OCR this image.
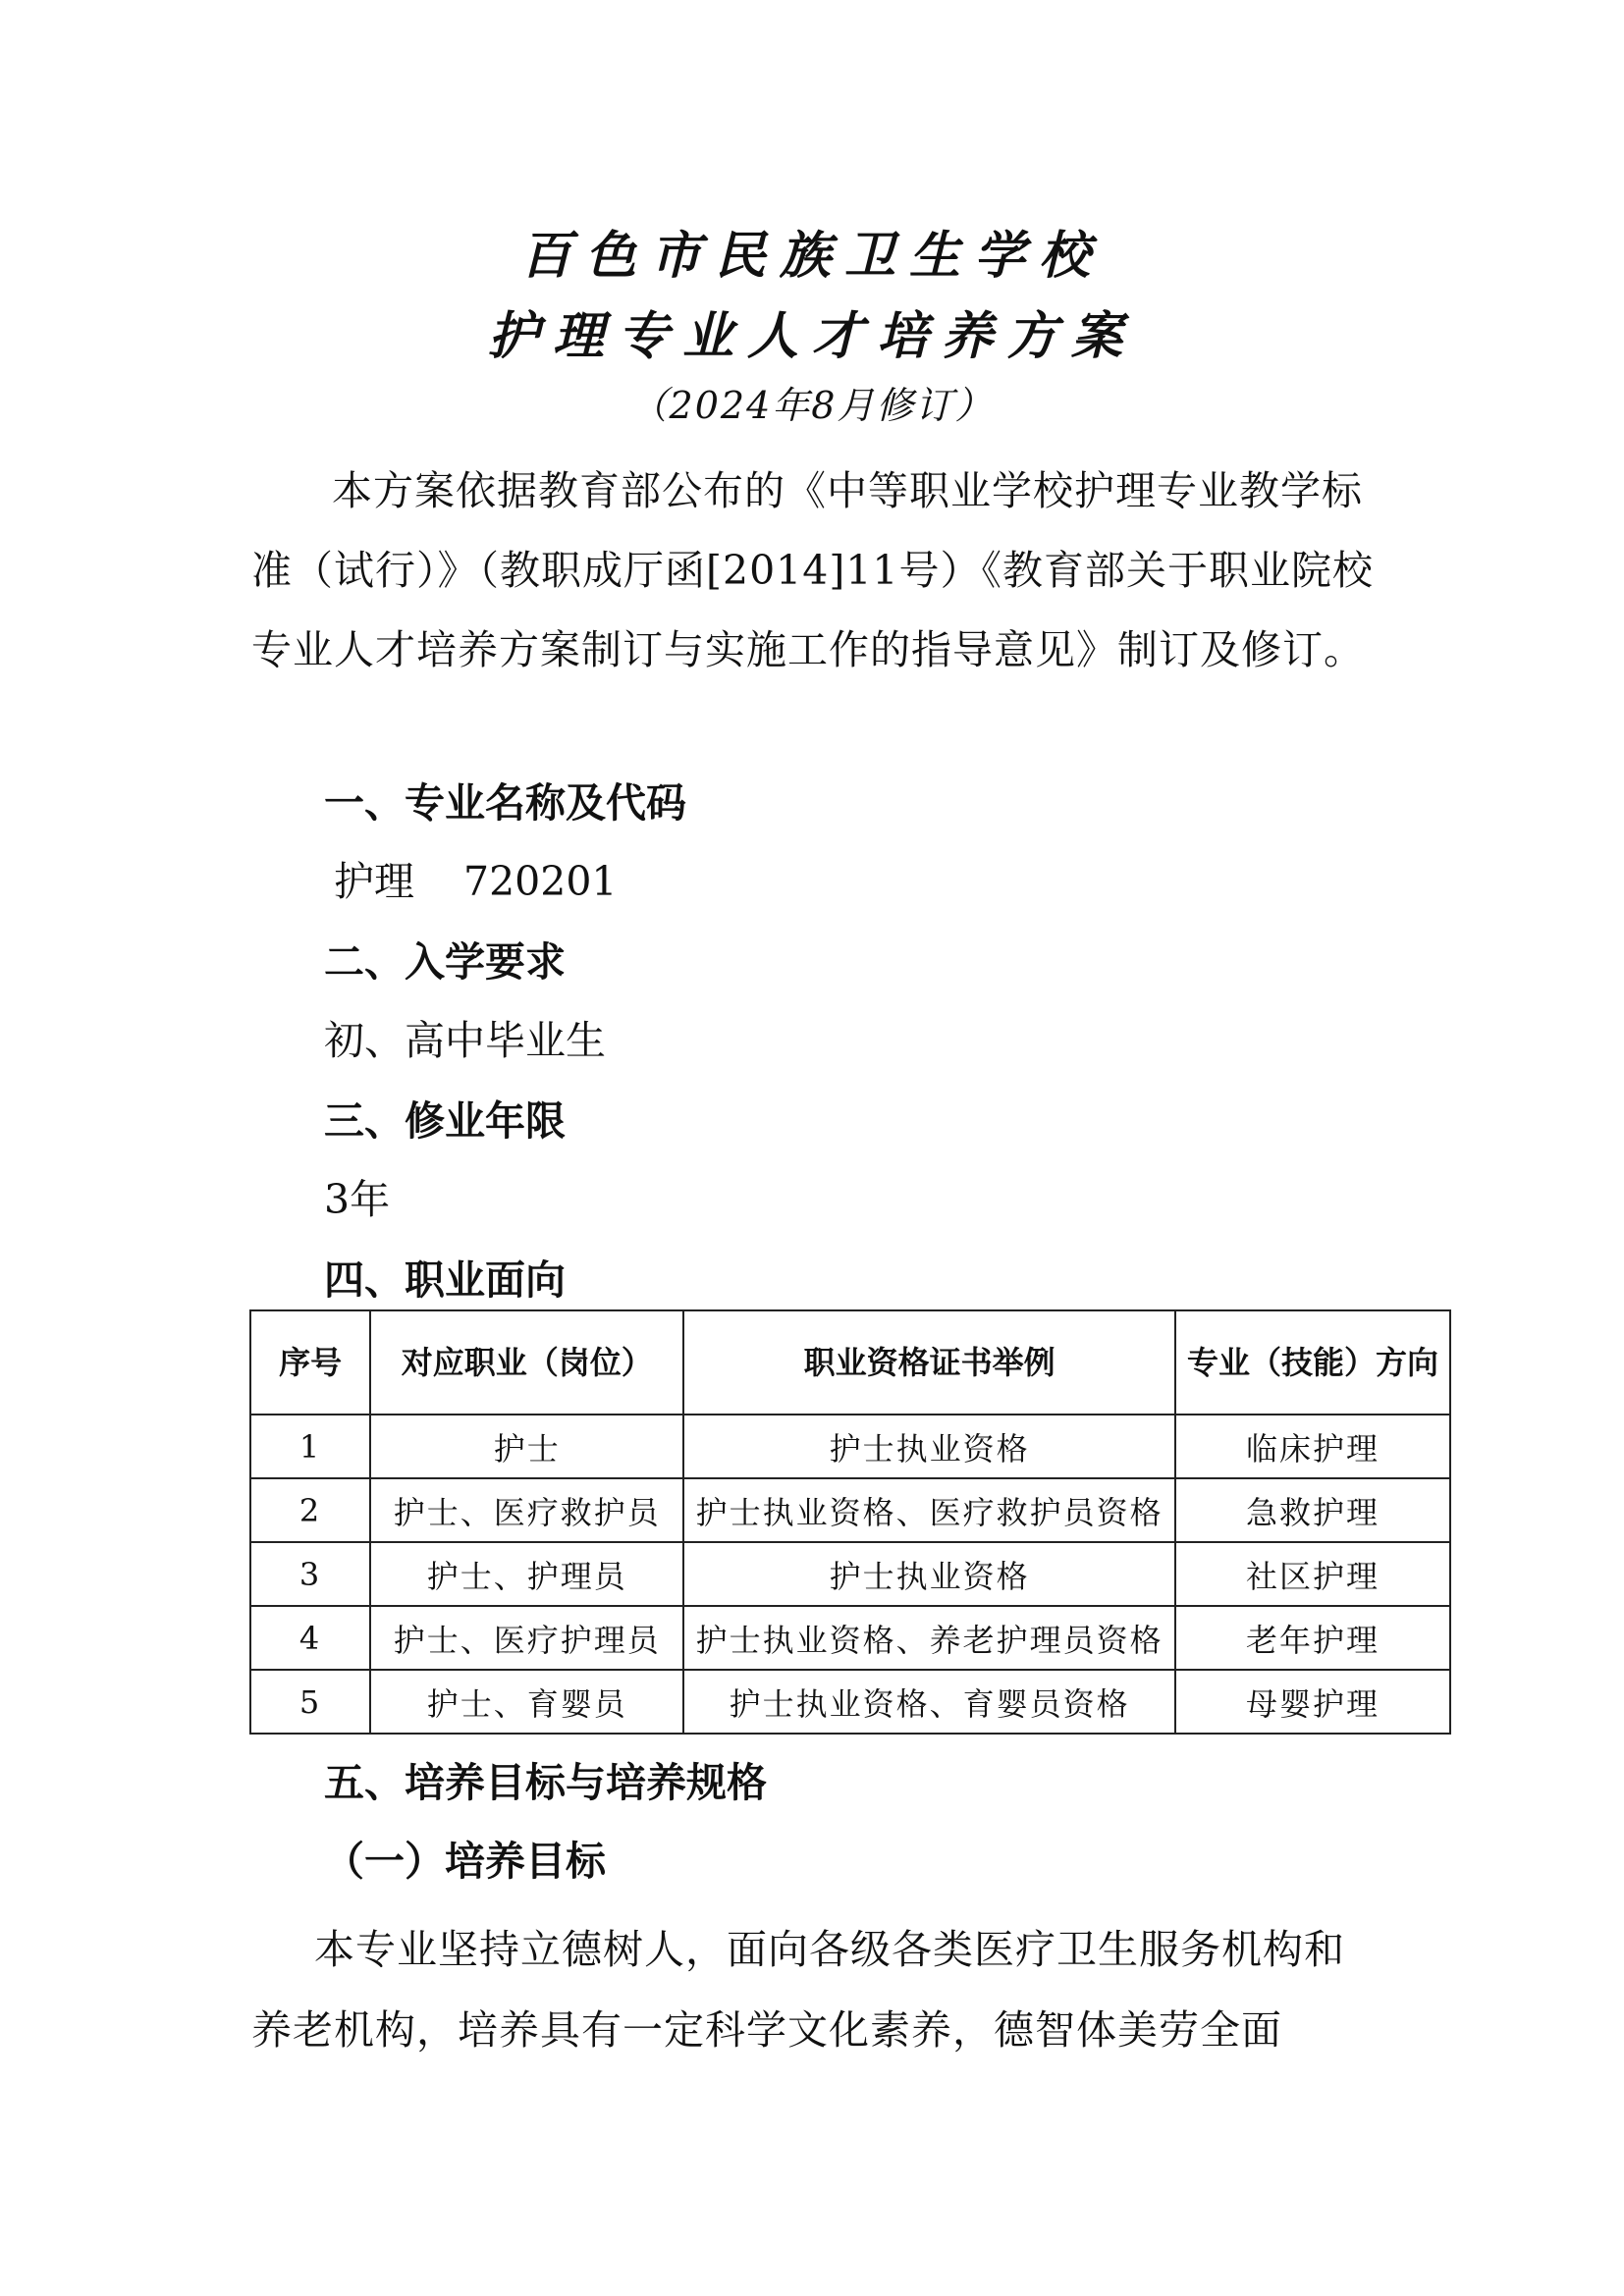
百色市民族卫生学校
护理专业人才培养方案
（2024年8月修订）

本方案依据教育部公布的《中等职业学校护理专业教学标准（试行）》（教职成厅函[2014]11号）《教育部关于职业院校专业人才培养方案制订与实施工作的指导意见》制订及修订。

一、专业名称及代码
护理 720201
二、入学要求

初、高中毕业生

三、修业年限

3年

四、职业面向
序号	对应职业（岗位）	职业资格证书举例	专业（技能）方向
1	护士	护士执业资格	临床护理
2	护士、医疗救护员	护士执业资格、医疗救护员资格	急救护理
3	护士、护理员	护士执业资格	社区护理
4	护士、医疗护理员	护士执业资格、养老护理员资格	老年护理
5	护士、育婴员	护士执业资格、育婴员资格	母婴护理
五、培养目标与培养规格
（一）培养目标

本专业坚持立德树人，面向各级各类医疗卫生服务机构和养老机构，培养具有一定科学文化素养，德智体美劳全面
